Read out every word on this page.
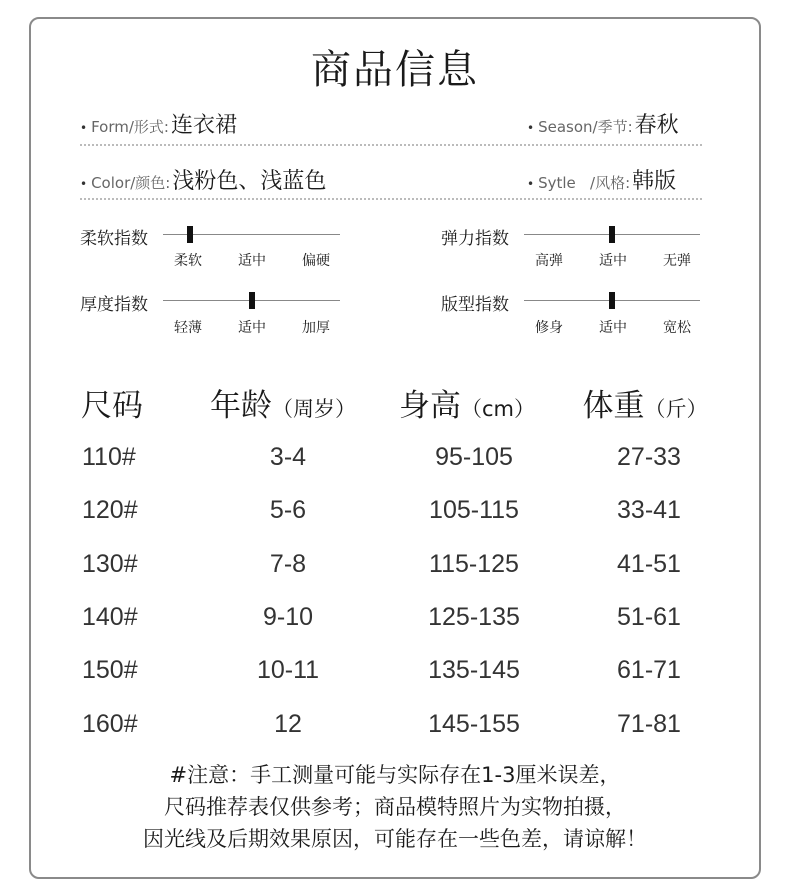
商品信息
• Form/形式:连衣裙	• Season/季节:春秋
• Color/颜色:浅粉色、浅蓝色	• Sytle   /风格:韩版
柔软指数
柔软	适中	偏硬
弹力指数
高弹	适中	无弹
厚度指数
轻薄	适中	加厚
版型指数
修身	适中	宽松
尺码 年龄（周岁） 身高（cm） 体重（斤）
110#	3-4	95-105	27-33
120#	5-6	105-115	33-41
130#	7-8	115-125	41-51
140#	9-10	125-135	51-61
150#	10-11	135-145	61-71
160#	12	145-155	71-81
#注意：手工测量可能与实际存在1-3厘米误差，
尺码推荐表仅供参考；商品模特照片为实物拍摄，
因光线及后期效果原因，可能存在一些色差，请谅解！
